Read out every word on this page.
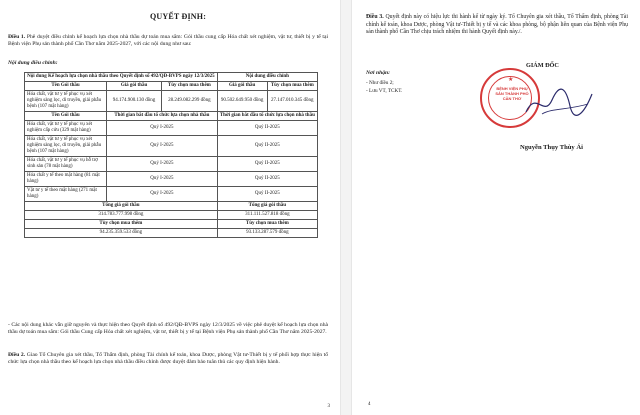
QUYẾT ĐỊNH:
Điều 1. Phê duyệt điều chỉnh kế hoạch lựa chọn nhà thầu dự toán mua sắm: Gói thầu cung cấp Hóa chất xét nghiệm, vật tư, thiết bị y tế tại Bệnh viện Phụ sản thành phố Cần Thơ năm 2025-2027, với các nội dung như sau:
Nội dung điều chỉnh:
Nội dung Kế hoạch lựa chọn nhà thầu theo Quyết định số 492/QĐ-BVPS ngày 12/3/2025			Nội dung điều chỉnh	
Tên Gói thầu	Giá gói thầu	Tùy chọn mua thêm	Giá gói thầu	Tùy chọn mua thêm
Hóa chất, vật tư y tế phục vụ xét nghiệm sàng lọc, di truyền, giải phẫu bệnh (107 mặt hàng)	94.174.900.130 đồng	28.249.082.299 đồng	90.502.649.950 đồng	27.147.010.345 đồng
Tên Gói thầu	Thời gian bắt đầu tổ chức lựa chọn nhà thầu		Thời gian bắt đầu tổ chức lựa chọn nhà thầu	
Hóa chất, vật tư y tế phục vụ xét nghiệm cấp cứu (329 mặt hàng)	Quý I-2025		Quý II-2025	
Hóa chất, vật tư y tế phục vụ xét nghiệm sàng lọc, di truyền, giải phẫu bệnh (107 mặt hàng)	Quý I-2025		Quý II-2025	
Hóa chất, vật tư y tế phục vụ hỗ trợ sinh sản (78 mặt hàng)	Quý I-2025		Quý II-2025	
Hóa chất y tế theo mặt hàng (81 mặt hàng)	Quý I-2025		Quý II-2025	
Vật tư y tế theo mặt hàng (271 mặt hàng)	Quý I-2025		Quý II-2025	
Tổng giá gói thầu			Tổng giá gói thầu	
314.783.777.998 đồng			311.111.527.818 đồng	
Tùy chọn mua thêm			Tùy chọn mua thêm	
94.235.359.533 đồng			93.133.287.579 đồng	
- Các nội dung khác vẫn giữ nguyên và thực hiện theo Quyết định số 492/QĐ-BVPS ngày 12/3/2025 về việc phê duyệt kế hoạch lựa chọn nhà thầu dự toán mua sắm: Gói thầu Cung cấp Hóa chất xét nghiệm, vật tư, thiết bị y tế tại Bệnh viện Phụ sản thành phố Cần Thơ năm 2025-2027.
Điều 2. Giao Tổ Chuyên gia xét thầu, Tổ Thẩm định, phòng Tài chính kế toán, khoa Dược, phòng Vật tư-Thiết bị y tế phối hợp thực hiện tổ chức lựa chọn nhà thầu theo kế hoạch lựa chọn nhà thầu điều chỉnh được duyệt đảm bảo tuân thủ các quy định hiện hành.
3
Điều 3. Quyết định này có hiệu lực thi hành kể từ ngày ký. Tổ Chuyên gia xét thầu, Tổ Thẩm định, phòng Tài chính kế toán, khoa Dược, phòng Vật tư-Thiết bị y tế và các khoa phòng, bộ phận liên quan của Bệnh viện Phụ sản thành phố Cần Thơ chịu trách nhiệm thi hành Quyết định này./.
Nơi nhận:
- Như điều 2;
- Lưu VT, TCKT.
★
BỆNH VIỆN PHỤ SẢN THÀNH PHỐ CẦN THƠ
GIÁM ĐỐC
Nguyễn Thụy Thùy Ái
4
